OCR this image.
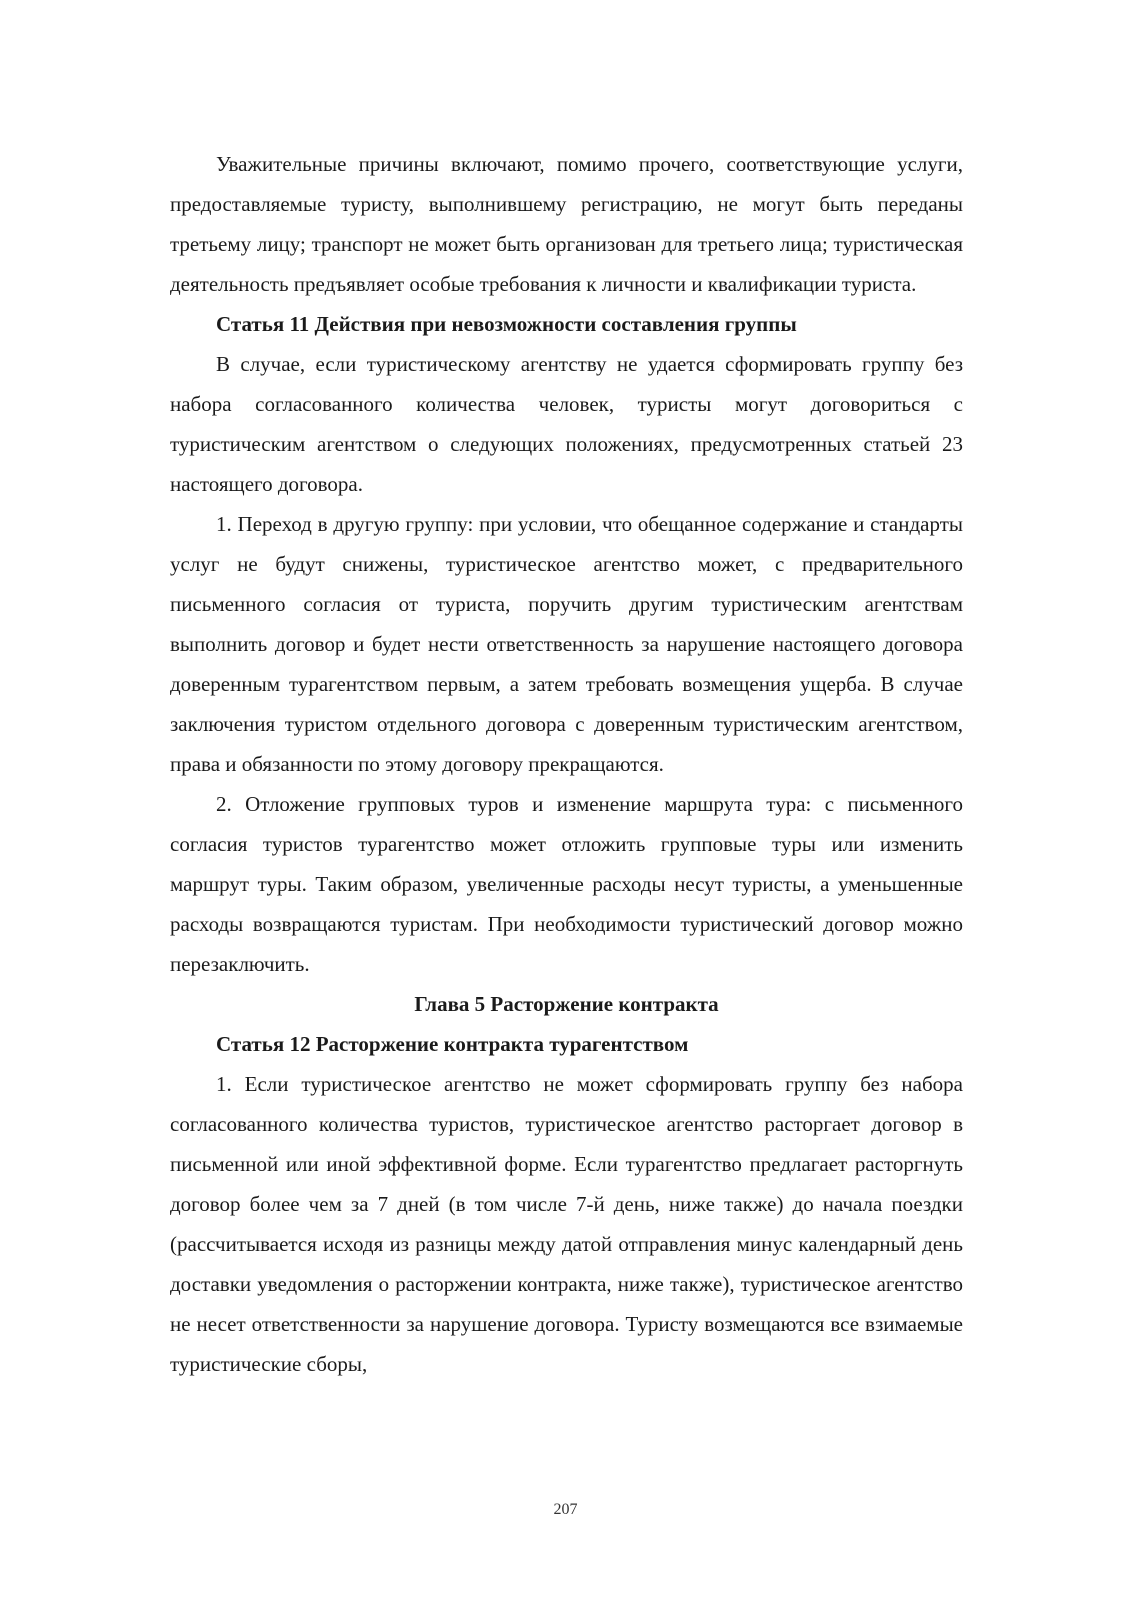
Уважительные причины включают, помимо прочего, соответствующие услуги, предоставляемые туристу, выполнившему регистрацию, не могут быть переданы третьему лицу; транспорт не может быть организован для третьего лица; туристическая деятельность предъявляет особые требования к личности и квалификации туриста.

Статья 11 Действия при невозможности составления группы

В случае, если туристическому агентству не удается сформировать группу без набора согласованного количества человек, туристы могут договориться с туристическим агентством о следующих положениях, предусмотренных статьей 23 настоящего договора.

1. Переход в другую группу: при условии, что обещанное содержание и стандарты услуг не будут снижены, туристическое агентство может, с предварительного письменного согласия от туриста, поручить другим туристическим агентствам выполнить договор и будет нести ответственность за нарушение настоящего договора доверенным турагентством первым, а затем требовать возмещения ущерба. В случае заключения туристом отдельного договора с доверенным туристическим агентством, права и обязанности по этому договору прекращаются.

2. Отложение групповых туров и изменение маршрута тура: с письменного согласия туристов турагентство может отложить групповые туры или изменить маршрут туры. Таким образом, увеличенные расходы несут туристы, а уменьшенные расходы возвращаются туристам. При необходимости туристический договор можно перезаключить.

Глава 5 Расторжение контракта

Статья 12 Расторжение контракта турагентством

1. Если туристическое агентство не может сформировать группу без набора согласованного количества туристов, туристическое агентство расторгает договор в письменной или иной эффективной форме. Если турагентство предлагает расторгнуть договор более чем за 7 дней (в том числе 7-й день, ниже также) до начала поездки (рассчитывается исходя из разницы между датой отправления минус календарный день доставки уведомления о расторжении контракта, ниже также), туристическое агентство не несет ответственности за нарушение договора. Туристу возмещаются все взимаемые туристические сборы,

207
